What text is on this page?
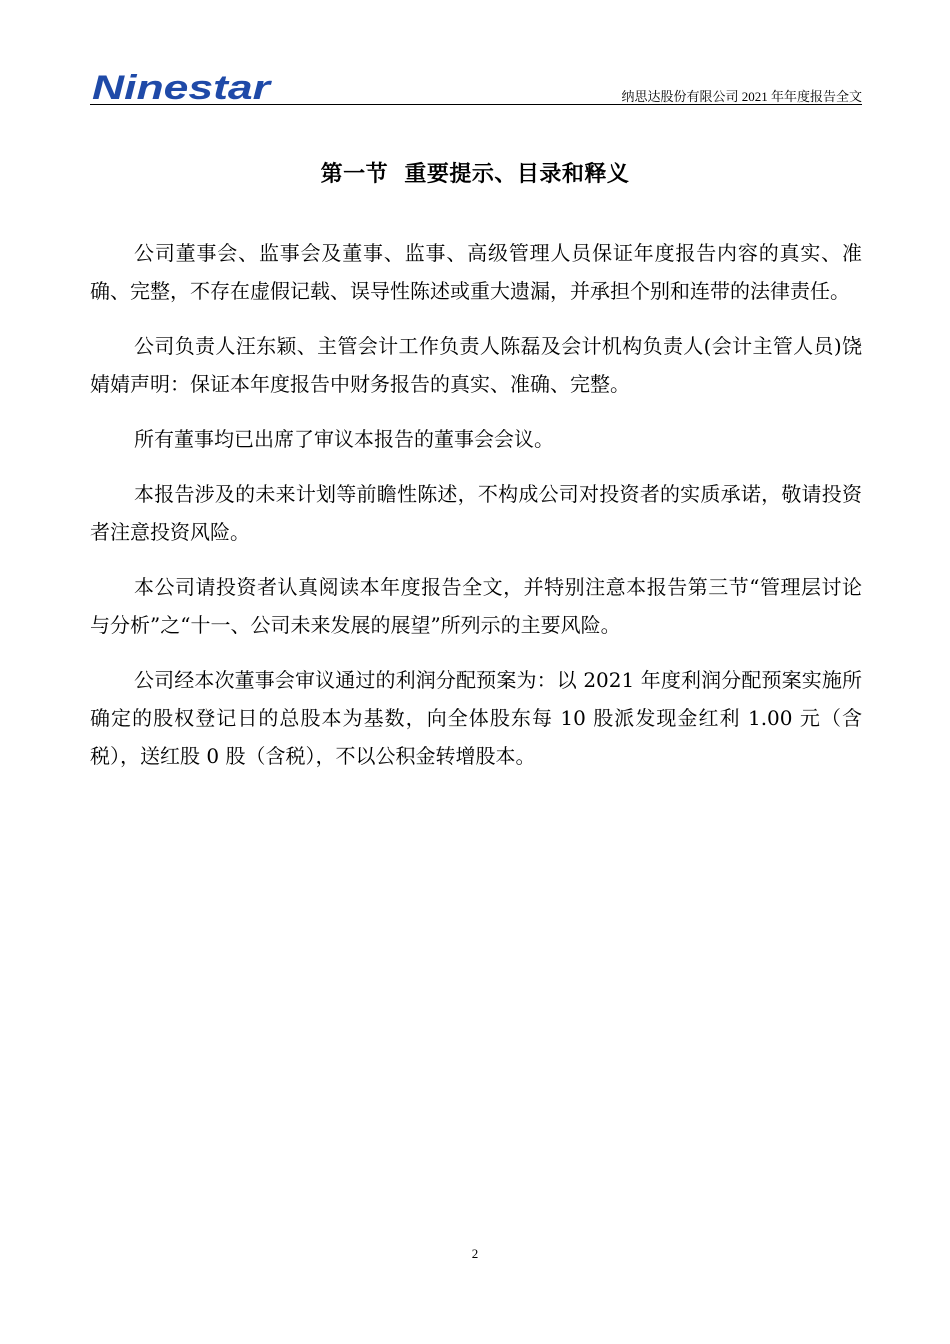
Ninestar	纳思达股份有限公司 2021 年年度报告全文
第一节  重要提示、目录和释义

公司董事会、监事会及董事、监事、高级管理人员保证年度报告内容的真实、准确、完整，不存在虚假记载、误导性陈述或重大遗漏，并承担个别和连带的法律责任。

公司负责人汪东颖、主管会计工作负责人陈磊及会计机构负责人(会计主管人员)饶婧婧声明：保证本年度报告中财务报告的真实、准确、完整。

所有董事均已出席了审议本报告的董事会会议。

本报告涉及的未来计划等前瞻性陈述，不构成公司对投资者的实质承诺，敬请投资者注意投资风险。

本公司请投资者认真阅读本年度报告全文，并特别注意本报告第三节“管理层讨论与分析”之“十一、公司未来发展的展望”所列示的主要风险。

公司经本次董事会审议通过的利润分配预案为：以 2021 年度利润分配预案实施所确定的股权登记日的总股本为基数，向全体股东每 10 股派发现金红利 1.00 元（含税），送红股 0 股（含税），不以公积金转增股本。

2
